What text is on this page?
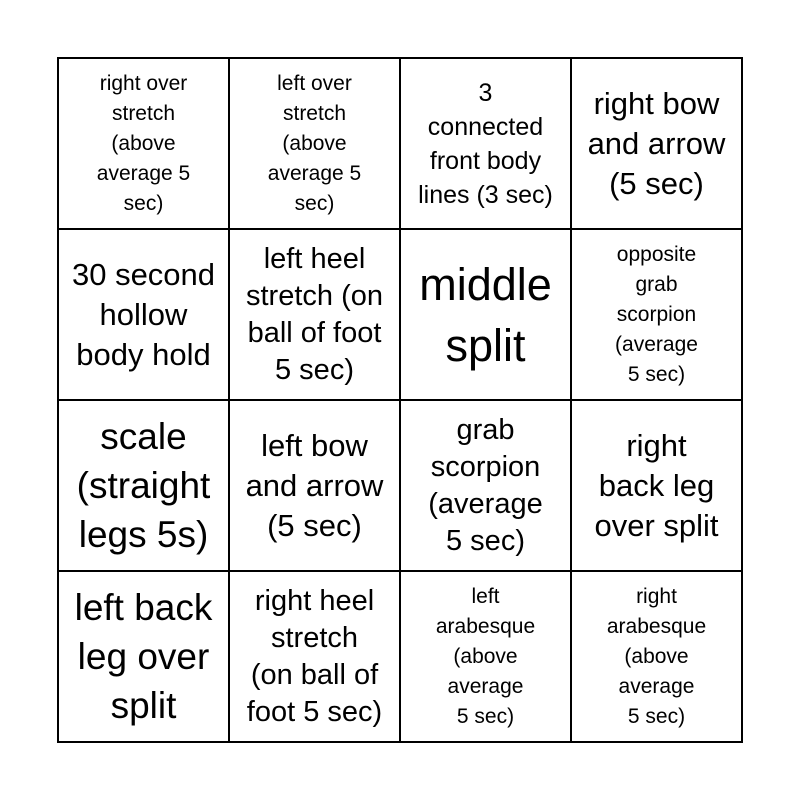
right over
stretch
(above
average 5
sec)
left over
stretch
(above
average 5
sec)
3
connected
front body
lines (3 sec)
right bow
and arrow
(5 sec)
30 second
hollow
body hold
left heel
stretch (on
ball of foot
5 sec)
middle
split
opposite
grab
scorpion
(average
5 sec)
scale
(straight
legs 5s)
left bow
and arrow
(5 sec)
grab
scorpion
(average
5 sec)
right
back leg
over split
left back
leg over
split
right heel
stretch
(on ball of
foot 5 sec)
left
arabesque
(above
average
5 sec)
right
arabesque
(above
average
5 sec)
